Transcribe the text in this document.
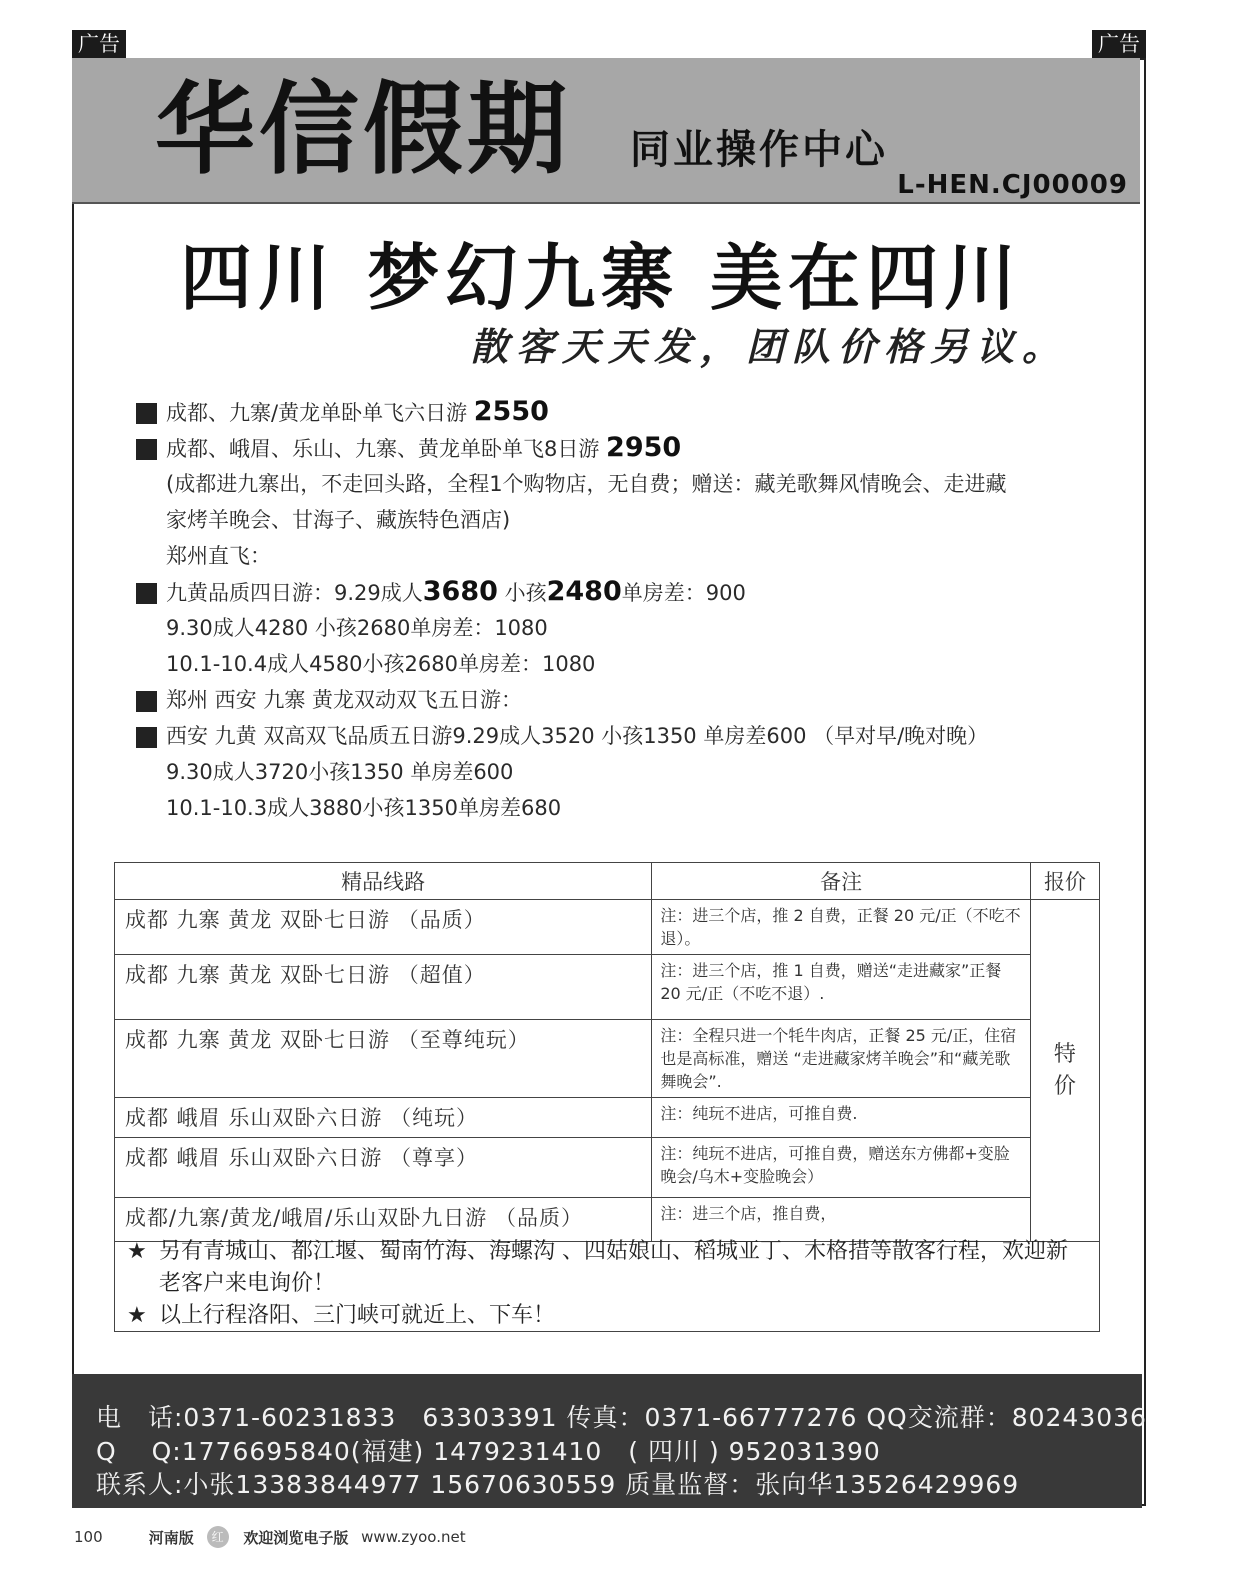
广告	广告
华信假期 同业操作中心
L-HEN.CJ00009
四川 梦幻九寨 美在四川
散客天天发，团队价格另议。
成都、九寨/黄龙单卧单飞六日游 2550
成都、峨眉、乐山、九寨、黄龙单卧单飞8日游 2950
(成都进九寨出，不走回头路，全程1个购物店，无自费；赠送：藏羌歌舞风情晚会、走进藏
家烤羊晚会、甘海子、藏族特色酒店)
郑州直飞：
九黄品质四日游：9.29成人3680 小孩2480单房差：900
9.30成人4280 小孩2680单房差：1080
10.1-10.4成人4580小孩2680单房差：1080
郑州 西安 九寨 黄龙双动双飞五日游：
西安 九黄 双高双飞品质五日游9.29成人3520 小孩1350 单房差600 （早对早/晚对晚）
9.30成人3720小孩1350 单房差600
10.1-10.3成人3880小孩1350单房差680
精品线路	备注	报价
成都 九寨 黄龙 双卧七日游 （品质）	注：进三个店，推 2 自费，正餐 20 元/正（不吃不退）。	特价
成都 九寨 黄龙 双卧七日游 （超值）	注：进三个店，推 1 自费，赠送“走进藏家”正餐 20 元/正（不吃不退）.	
成都 九寨 黄龙 双卧七日游 （至尊纯玩）	注：全程只进一个牦牛肉店，正餐 25 元/正，住宿也是高标准，赠送 “走进藏家烤羊晚会”和“藏羌歌舞晚会”.	
成都 峨眉 乐山双卧六日游 （纯玩）	注：纯玩不进店，可推自费.	
成都 峨眉 乐山双卧六日游 （尊享）	注：纯玩不进店，可推自费，赠送东方佛都+变脸晚会/乌木+变脸晚会）	
成都/九寨/黄龙/峨眉/乐山双卧九日游 （品质）	注：进三个店，推自费，	
★ 另有青城山、都江堰、蜀南竹海、海螺沟 、四姑娘山、稻城亚丁、木格措等散客行程，欢迎新老客户来电询价！
★ 以上行程洛阳、三门峡可就近上、下车！
电　话:0371-60231833　63303391 传真：0371-66777276 QQ交流群：80243036
Q　 Q:1776695840(福建) 1479231410　( 四川 ) 952031390
联系人:小张13383844977 15670630559 质量监督：张向华13526429969
100	河南版 红 欢迎浏览电子版 www.zyoo.net
